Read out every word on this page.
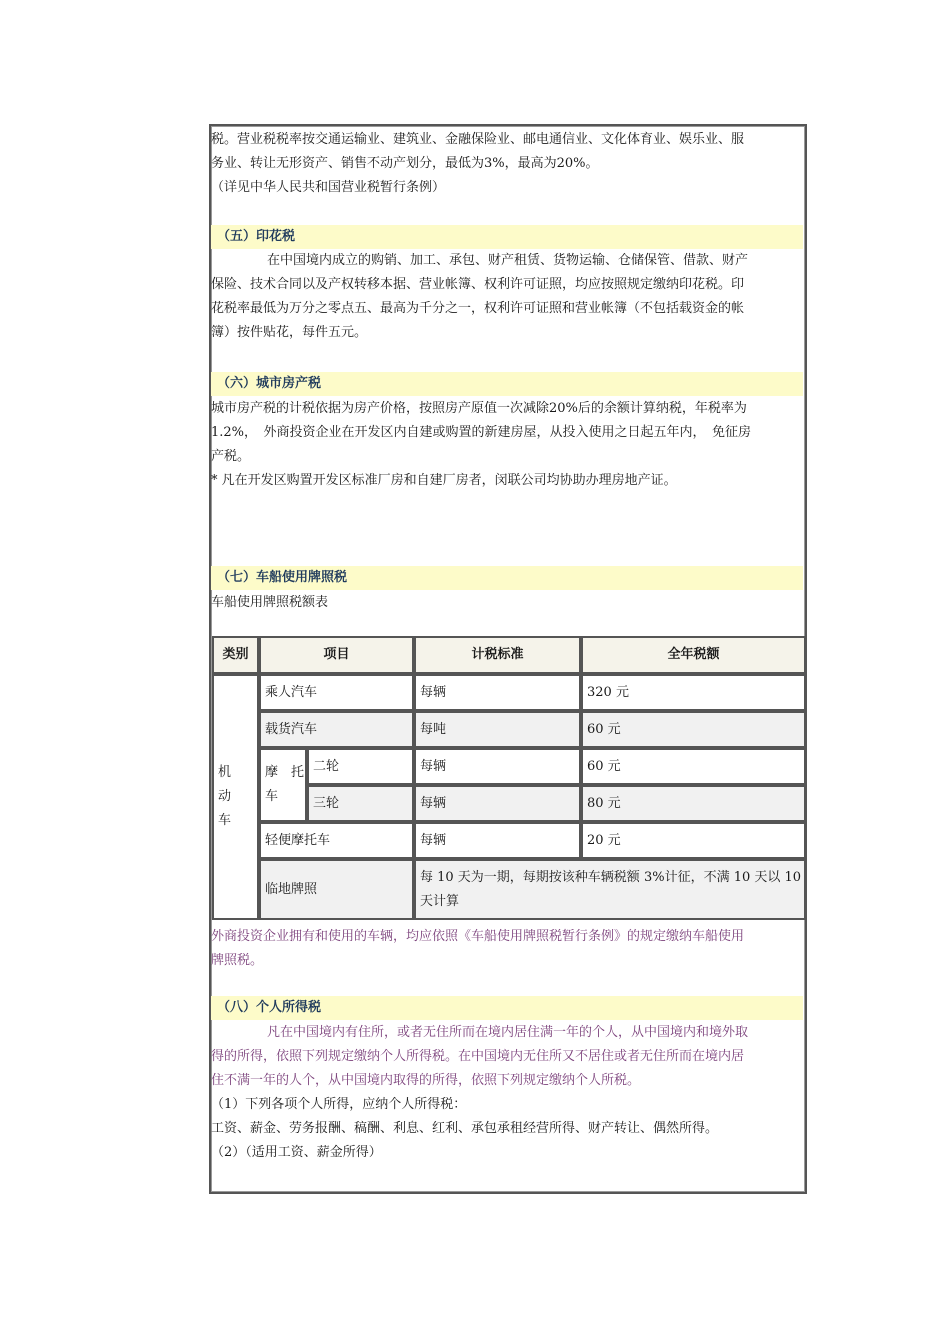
税。营业税税率按交通运输业、建筑业、金融保险业、邮电通信业、文化体育业、娱乐业、服
务业、转让无形资产、销售不动产划分，最低为3%，最高为20%。
（详见中华人民共和国营业税暂行条例）
（五）印花税
在中国境内成立的购销、加工、承包、财产租赁、货物运输、仓储保管、借款、财产
保险、技术合同以及产权转移本据、营业帐簿、权利许可证照，均应按照规定缴纳印花税。印
花税率最低为万分之零点五、最高为千分之一，权利许可证照和营业帐簿（不包括载资金的帐
簿）按件贴花，每件五元。
（六）城市房产税
城市房产税的计税依据为房产价格，按照房产原值一次减除20%后的余额计算纳税，年税率为
1.2%，　外商投资企业在开发区内自建或购置的新建房屋，从投入使用之日起五年内，　免征房
产税。
* 凡在开发区购置开发区标准厂房和自建厂房者，闵联公司均协助办理房地产证。
（七）车船使用牌照税
车船使用牌照税额表
类别	项目	计税标准	全年税额
机　动　车
乘人汽车	每辆	320 元
载货汽车	每吨	60 元
摩　托　车
二轮	每辆	60 元
三轮	每辆	80 元
轻便摩托车	每辆	20 元
临地牌照
每 10 天为一期，每期按该种车辆税额 3%计征，不满 10 天以 10 天计算
外商投资企业拥有和使用的车辆，均应依照《车船使用牌照税暂行条例》的规定缴纳车船使用
牌照税。
（八）个人所得税
凡在中国境内有住所，或者无住所而在境内居住满一年的个人，从中国境内和境外取
得的所得，依照下列规定缴纳个人所得税。在中国境内无住所又不居住或者无住所而在境内居
住不满一年的人个，从中国境内取得的所得，依照下列规定缴纳个人所税。
（1）下列各项个人所得，应纳个人所得税：
工资、薪金、劳务报酬、稿酬、利息、红利、承包承租经营所得、财产转让、偶然所得。
（2）（适用工资、薪金所得）
